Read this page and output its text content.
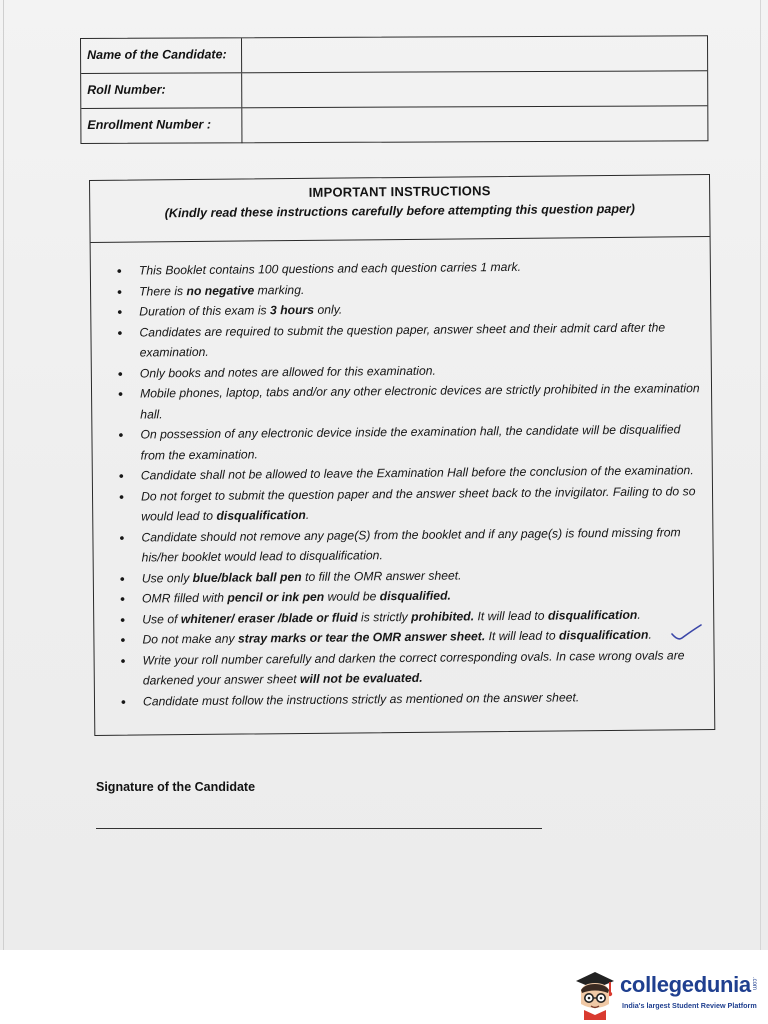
Name of the Candidate:
Roll Number:
Enrollment Number :
IMPORTANT INSTRUCTIONS
(Kindly read these instructions carefully before attempting this question paper)
• This Booklet contains 100 questions and each question carries 1 mark.
• There is no negative marking.
• Duration of this exam is 3 hours only.
• Candidates are required to submit the question paper, answer sheet and their admit card after the examination.
• Only books and notes are allowed for this examination.
• Mobile phones, laptop, tabs and/or any other electronic devices are strictly prohibited in the examination hall.
• On possession of any electronic device inside the examination hall, the candidate will be disqualified from the examination.
• Candidate shall not be allowed to leave the Examination Hall before the conclusion of the examination.
• Do not forget to submit the question paper and the answer sheet back to the invigilator. Failing to do so would lead to disqualification.
• Candidate should not remove any page(S) from the booklet and if any page(s) is found missing from his/her booklet would lead to disqualification.
• Use only blue/black ball pen to fill the OMR answer sheet.
• OMR filled with pencil or ink pen would be disqualified.
• Use of whitener/ eraser /blade or fluid is strictly prohibited. It will lead to disqualification.
• Do not make any stray marks or tear the OMR answer sheet. It will lead to disqualification.
• Write your roll number carefully and darken the correct corresponding ovals. In case wrong ovals are darkened your answer sheet will not be evaluated.
• Candidate must follow the instructions strictly as mentioned on the answer sheet.
Signature of the Candidate
collegedunia .com
India's largest Student Review Platform
